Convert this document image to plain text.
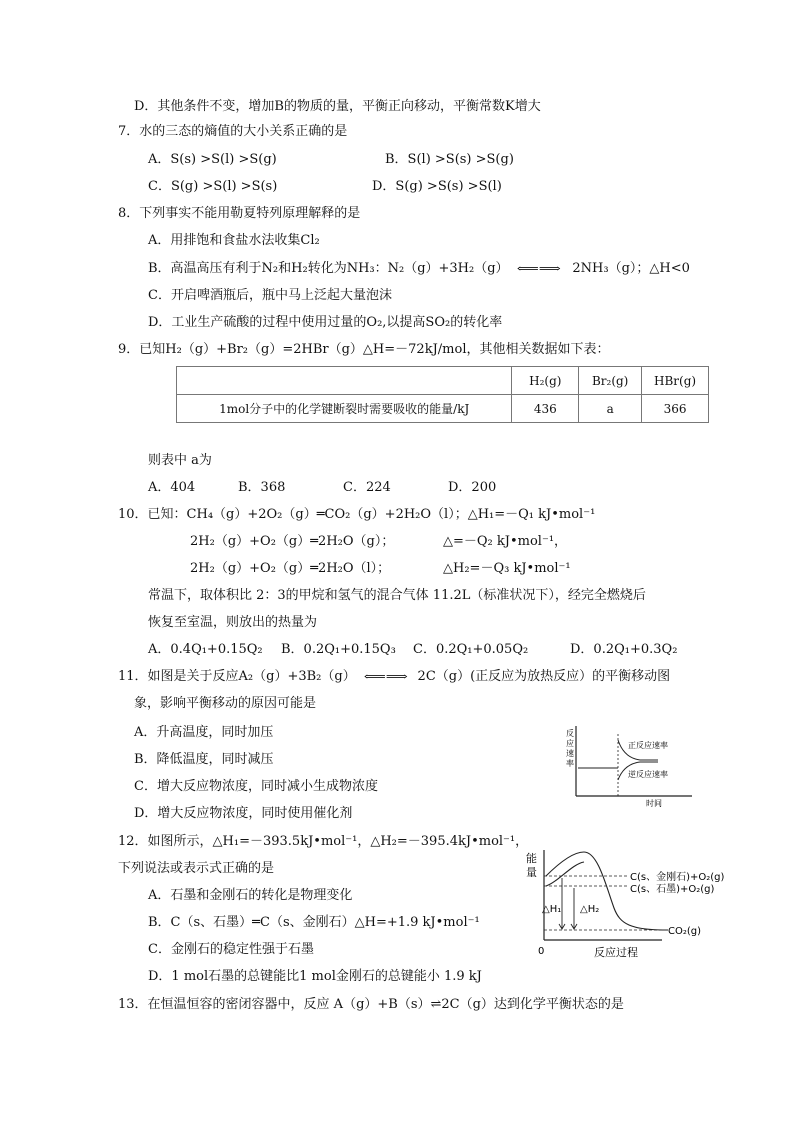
D．其他条件不变，增加B的物质的量，平衡正向移动，平衡常数K增大
7．水的三态的熵值的大小关系正确的是
A．S(s) >S(l) >S(g)	B．S(l) >S(s) >S(g)
C．S(g) >S(l) >S(s)	D．S(g) >S(s) >S(l)
8．下列事实不能用勒夏特列原理解释的是
A．用排饱和食盐水法收集Cl₂
B．高温高压有利于N₂和H₂转化为NH₃：N₂（g）+3H₂（g） ⟸⟹ 2NH₃（g）；△H<0
C．开启啤酒瓶后，瓶中马上泛起大量泡沫
D．工业生产硫酸的过程中使用过量的O₂,以提高SO₂的转化率
9．已知H₂（g）+Br₂（g）=2HBr（g）△H=－72kJ/mol，其他相关数据如下表：
	H₂(g)	Br₂(g)	HBr(g)
1mol分子中的化学键断裂时需要吸收的能量/kJ	436	a	366
则表中 a为
A．404	B．368	C．224	D．200
10．已知：CH₄（g）+2O₂（g）═CO₂（g）+2H₂O（l）；△H₁=－Q₁ kJ•mol⁻¹
2H₂（g）+O₂（g）═2H₂O（g）；	△=－Q₂ kJ•mol⁻¹，
2H₂（g）+O₂（g）═2H₂O（l）；	△H₂=－Q₃ kJ•mol⁻¹
常温下，取体积比 2：3的甲烷和氢气的混合气体 11.2L（标准状况下），经完全燃烧后
恢复至室温，则放出的热量为
A．0.4Q₁+0.15Q₂ B．0.2Q₁+0.15Q₃ C．0.2Q₁+0.05Q₂	D．0.2Q₁+0.3Q₂
11．如图是关于反应A₂（g）+3B₂（g） ⟸⟹ 2C（g）(正反应为放热反应）的平衡移动图
象，影响平衡移动的原因可能是
A．升高温度，同时加压
B．降低温度，同时减压
C．增大反应物浓度，同时减小生成物浓度
D．增大反应物浓度，同时使用催化剂
反
应
速
率
正反应速率
逆反应速率
时间
12．如图所示，△H₁=－393.5kJ•mol⁻¹，△H₂=－395.4kJ•mol⁻¹，
下列说法或表示式正确的是
A．石墨和金刚石的转化是物理变化
B．C（s、石墨）═C（s、金刚石）△H=+1.9 kJ•mol⁻¹
C．金刚石的稳定性强于石墨
D．1 mol石墨的总键能比1 mol金刚石的总键能小 1.9 kJ
能
量
△H₁ △H₂
C(s、金刚石)+O₂(g)
C(s、石墨)+O₂(g)
CO₂(g)
0	反应过程
13．在恒温恒容的密闭容器中，反应 A（g）+B（s）⇌2C（g）达到化学平衡状态的是
